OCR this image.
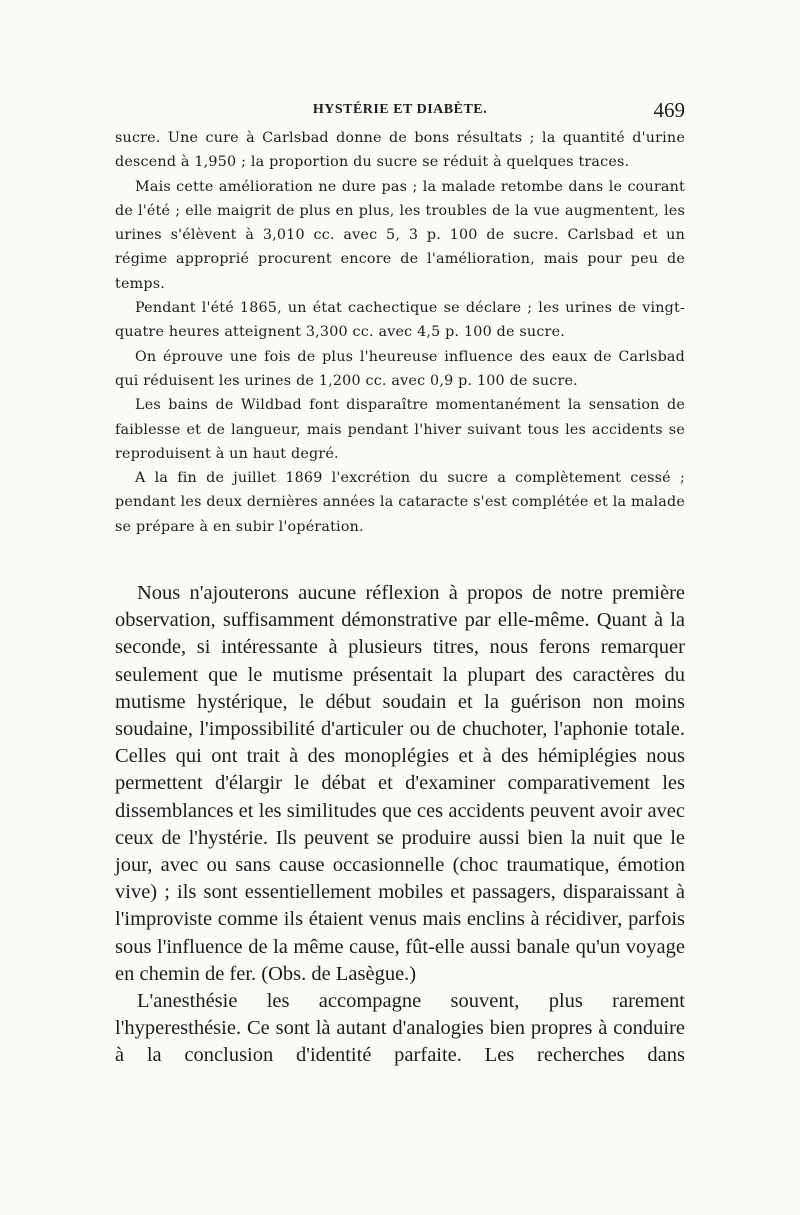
HYSTÉRIE ET DIABÈTE.	469

sucre. Une cure à Carlsbad donne de bons résultats ; la quantité d'urine descend à 1,950 ; la proportion du sucre se réduit à quelques traces.

Mais cette amélioration ne dure pas ; la malade retombe dans le courant de l'été ; elle maigrit de plus en plus, les troubles de la vue augmentent, les urines s'élèvent à 3,010 cc. avec 5, 3 p. 100 de sucre. Carlsbad et un régime approprié procurent encore de l'amélioration, mais pour peu de temps.

Pendant l'été 1865, un état cachectique se déclare ; les urines de vingt-quatre heures atteignent 3,300 cc. avec 4,5 p. 100 de sucre.

On éprouve une fois de plus l'heureuse influence des eaux de Carlsbad qui réduisent les urines de 1,200 cc. avec 0,9 p. 100 de sucre.

Les bains de Wildbad font disparaître momentanément la sensation de faiblesse et de langueur, mais pendant l'hiver suivant tous les accidents se reproduisent à un haut degré.

A la fin de juillet 1869 l'excrétion du sucre a complètement cessé ; pendant les deux dernières années la cataracte s'est complétée et la malade se prépare à en subir l'opération.

Nous n'ajouterons aucune réflexion à propos de notre première observation, suffisamment démonstrative par elle-même. Quant à la seconde, si intéressante à plusieurs titres, nous ferons remarquer seulement que le mutisme présentait la plupart des caractères du mutisme hystérique, le début soudain et la guérison non moins soudaine, l'impossibilité d'articuler ou de chuchoter, l'aphonie totale. Celles qui ont trait à des monoplégies et à des hémiplégies nous permettent d'élargir le débat et d'examiner comparativement les dissemblances et les similitudes que ces accidents peuvent avoir avec ceux de l'hystérie. Ils peuvent se produire aussi bien la nuit que le jour, avec ou sans cause occasionnelle (choc traumatique, émotion vive) ; ils sont essentiellement mobiles et passagers, disparaissant à l'improviste comme ils étaient venus mais enclins à récidiver, parfois sous l'influence de la même cause, fût-elle aussi banale qu'un voyage en chemin de fer. (Obs. de Lasègue.)

L'anesthésie les accompagne souvent, plus rarement l'hyperesthésie. Ce sont là autant d'analogies bien propres à conduire à la conclusion d'identité parfaite. Les recherches dans
